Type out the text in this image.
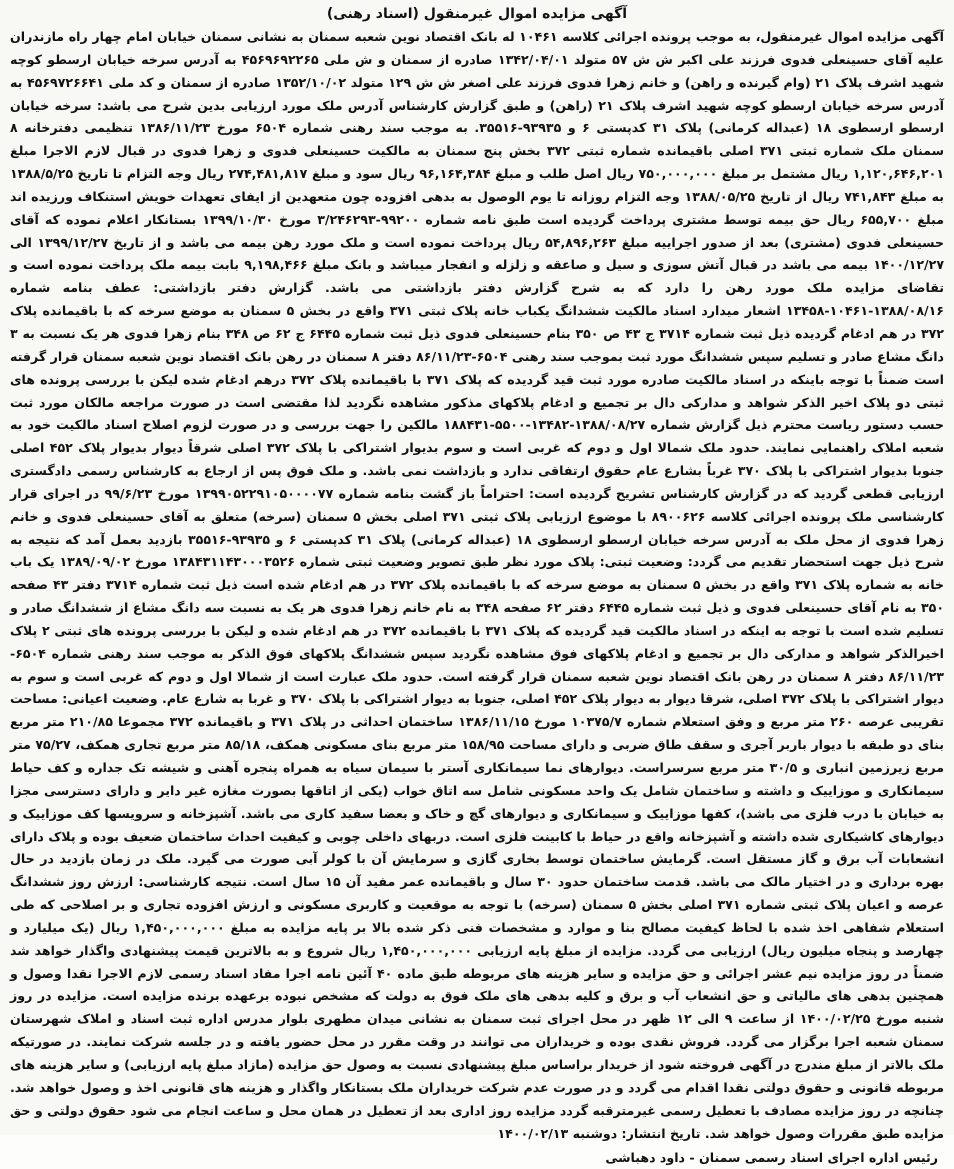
آگهی مزایده اموال غیرمنقول (اسناد رهنی)

آگهی مزایده اموال غیرمنقول، به موجب پرونده اجرائی کلاسه ۱۰۴۶۱ له بانک اقتصاد نوین شعبه سمنان به نشانی سمنان خیابان امام چهار راه مازندران علیه آقای حسینعلی فدوی فرزند علی اکبر ش ش ۵۷ متولد ۱۳۴۲/۰۴/۰۱ صادره از سمنان و ش ملی ۴۵۶۹۶۹۲۲۶۵ به آدرس سرخه خیابان ارسطو کوچه شهید اشرف پلاک ۲۱ (وام گیرنده و راهن) و خانم زهرا فدوی فرزند علی اصغر ش ش ۱۲۹ متولد ۱۳۵۲/۱۰/۰۲ صادره از سمنان و کد ملی ۴۵۶۹۷۲۶۶۴۱ به آدرس سرخه خیابان ارسطو کوچه شهید اشرف پلاک ۲۱ (راهن) و طبق گزارش کارشناس آدرس ملک مورد ارزیابی بدین شرح می باشد: سرخه خیابان ارسطو ارسطوی ۱۸ (عبداله کرمانی) پلاک ۳۱ کدپستی ۶ و ۹۳۹۳۵-۳۵۵۱۶. به موجب سند رهنی شماره ۶۵۰۴ مورخ ۱۳۸۶/۱۱/۲۳ تنظیمی دفترخانه ۸ سمنان ملک شماره ثبتی ۳۷۱ اصلی باقیمانده شماره ثبتی ۳۷۲ بخش پنج سمنان به مالکیت حسینعلی فدوی و زهرا فدوی در قبال لازم الاجرا مبلغ ۱,۱۲۰,۶۴۶,۲۰۱ ریال مشتمل بر مبلغ ۷۵۰,۰۰۰,۰۰۰ ریال اصل طلب و مبلغ ۹۶,۱۶۴,۳۸۴ ریال سود و مبلغ ۲۷۴,۴۸۱,۸۱۷ ریال وجه التزام تا تاریخ ۱۳۸۸/۵/۲۵ به مبلغ ۷۴۱,۸۴۳ ریال از تاریخ ۱۳۸۸/۰۵/۲۵ وجه التزام روزانه تا یوم الوصول به بدهی افزوده چون متعهدین از ایفای تعهدات خویش استنکاف ورزیده اند مبلغ ۶۵۵,۷۰۰ ریال حق بیمه توسط مشتری پرداخت گردیده است طبق نامه شماره ۹۹۲۰۰-۳/۲۴۶۲۹۳ مورخ ۱۳۹۹/۱۰/۳۰ بستانکار اعلام نموده که آقای حسینعلی فدوی (مشتری) بعد از صدور اجراییه مبلغ ۵۴,۸۹۶,۲۶۳ ریال پرداخت نموده است و ملک مورد رهن بیمه می باشد و از تاریخ ۱۳۹۹/۱۲/۲۷ الی ۱۴۰۰/۱۲/۲۷ بیمه می باشد در قبال آتش سوزی و سیل و صاعقه و زلزله و انفجار میباشد و بانک مبلغ ۹,۱۹۸,۴۶۶ بابت بیمه ملک پرداخت نموده است و تقاضای مزایده ملک مورد رهن را دارد که به شرح گزارش دفتر بازداشتی می باشد. گزارش دفتر بازداشتی: عطف بنامه شماره ۱۳۸۸/۰۸/۱۶-۱۰۴۶۱-۱۳۴۵۸ اشعار میدارد اسناد مالکیت ششدانگ یکباب خانه پلاک ثبتی ۳۷۱ واقع در بخش ۵ سمنان به موضع سرخه که با باقیمانده پلاک ۳۷۲ در هم ادغام گردیده ذیل ثبت شماره ۳۷۱۴ ج ۴۳ ص ۳۵۰ بنام حسینعلی فدوی ذیل ثبت شماره ۶۴۴۵ ج ۶۲ ص ۳۴۸ بنام زهرا فدوی هر یک نسبت به ۳ دانگ مشاع صادر و تسلیم سپس ششدانگ مورد ثبت بموجب سند رهنی ۶۵۰۴-۸۶/۱۱/۲۳ دفتر ۸ سمنان در رهن بانک اقتصاد نوین شعبه سمنان قرار گرفته است ضمناً با توجه باینکه در اسناد مالکیت صادره مورد ثبت قید گردیده که پلاک ۳۷۱ با باقیمانده پلاک ۳۷۲ درهم ادغام شده لیکن با بررسی پرونده های ثبتی دو پلاک اخیر الذکر شواهد و مدارکی دال بر تجمیع و ادغام پلاکهای مذکور مشاهده نگردید لذا مقتضی است در صورت مراجعه مالکان مورد ثبت حسب دستور ریاست محترم ذیل گزارش شماره ۱۳۸۸/۰۸/۲۷-۱۳۴۸۲-۵۵۰۰-۱۸۸۴۳۱ مالکین را جهت بررسی و در صورت لزوم اصلاح اسناد مالکیت خود به شعبه املاک راهنمایی نمایند. حدود ملک شمالا اول و دوم که غربی است و سوم بدیوار اشتراکی با پلاک ۳۷۲ اصلی شرقاً دیوار بدیوار پلاک ۴۵۲ اصلی جنوبا بدیوار اشتراکی با پلاک ۳۷۰ غرباً بشارع عام حقوق ارتفاقی ندارد و بازداشت نمی باشد. و ملک فوق پس از ارجاع به کارشناس رسمی دادگستری ارزیابی قطعی گردید که در گزارش کارشناس تشریح گردیده است: احتراماً باز گشت بنامه شماره ۱۳۹۹۰۵۲۲۹۱۰۵۰۰۰۰۷۷ مورخ ۹۹/۶/۲۳ در اجرای قرار کارشناسی ملک پرونده اجرائی کلاسه ۸۹۰۰۶۲۶ با موضوع ارزیابی پلاک ثبتی ۳۷۱ اصلی بخش ۵ سمنان (سرخه) متعلق به آقای حسینعلی فدوی و خانم زهرا فدوی از محل ملک به آدرس سرخه خیابان ارسطو ارسطوی ۱۸ (عبداله کرمانی) پلاک ۳۱ کدپستی ۶ و ۹۳۹۳۵-۳۵۵۱۶ بازدید بعمل آمد که نتیجه به شرح ذیل جهت استحضار تقدیم می گردد: وضعیت ثبتی: پلاک مورد نظر طبق تصویر وضعیت ثبتی شماره ۱۳۸۴۳۱۱۴۳۰۰۰۳۵۲۶ مورخ ۱۳۸۹/۰۹/۰۲ یک باب خانه به شماره پلاک ۳۷۱ واقع در بخش ۵ سمنان به موضع سرخه که با باقیمانده پلاک ۳۷۲ در هم ادغام شده است ذیل ثبت شماره ۳۷۱۴ دفتر ۴۳ صفحه ۳۵۰ به نام آقای حسینعلی فدوی و ذیل ثبت شماره ۶۴۴۵ دفتر ۶۲ صفحه ۳۴۸ به نام خانم زهرا فدوی هر یک به نسبت سه دانگ مشاع از ششدانگ صادر و تسلیم شده است با توجه به اینکه در اسناد مالکیت قید گردیده که پلاک ۳۷۱ با باقیمانده ۳۷۲ در هم ادغام شده و لیکن با بررسی پرونده های ثبتی ۲ پلاک اخیرالذکر شواهد و مدارکی دال بر تجمیع و ادغام پلاکهای فوق مشاهده نگردید سپس ششدانگ پلاکهای فوق الذکر به موجب سند رهنی شماره ۶۵۰۴- ۸۶/۱۱/۲۳ دفتر ۸ سمنان در رهن بانک اقتصاد نوین شعبه سمنان قرار گرفته است. حدود ملک عبارت است از شمالا اول و دوم که غربی است و سوم به دیوار اشتراکی با پلاک ۳۷۲ اصلی، شرقا دیوار به دیوار پلاک ۴۵۲ اصلی، جنوبا به دیوار اشتراکی با پلاک ۳۷۰ و غربا به شارع عام. وضعیت اعیانی: مساحت تقریبی عرصه ۲۶۰ متر مربع و وفق استعلام شماره ۱۰۳۷۵/۷ مورخ ۱۳۸۶/۱۱/۱۵ ساختمان احداثی در پلاک ۳۷۱ و باقیمانده ۳۷۲ مجموعا ۲۱۰/۸۵ متر مربع بنای دو طبقه با دیوار باربر آجری و سقف طاق ضربی و دارای مساحت ۱۵۸/۹۵ متر مربع بنای مسکونی همکف، ۸۵/۱۸ متر مربع تجاری همکف، ۷۵/۲۷ متر مربع زیرزمین انباری و ۳۰/۵ متر مربع سرسراست. دیوارهای نما سیمانکاری آستر با سیمان سیاه به همراه پنجره آهنی و شیشه تک جداره و کف حیاط سیمانکاری و موزاییک و داشته و ساختمان شامل یک واحد مسکونی شامل سه اتاق خواب (یکی از اتاقها بصورت مغازه غیر دایر و دارای دسترسی مجزا به خیابان با درب فلزی می باشد)، کفها موزاییک و سیمانکاری و دیوارهای گچ و خاک و بعضا سفید کاری می باشد. آشپزخانه و سرویسها کف موزاییک و دیوارهای کاشیکاری شده داشته و آشپزخانه واقع در حیاط با کابینت فلزی است. دربهای داخلی چوبی و کیفیت احداث ساختمان ضعیف بوده و پلاک دارای انشعابات آب برق و گاز مستقل است. گرمایش ساختمان توسط بخاری گازی و سرمایش آن با کولر آبی صورت می گیرد. ملک در زمان بازدید در حال بهره برداری و در اختیار مالک می باشد. قدمت ساختمان حدود ۳۰ سال و باقیمانده عمر مفید آن ۱۵ سال است. نتیجه کارشناسی: ارزش روز ششدانگ عرصه و اعیان پلاک ثبتی شماره ۳۷۱ اصلی بخش ۵ سمنان (سرخه) با توجه به موقعیت و کاربری مسکونی و ارزش افزوده تجاری و بر اصلاحی که طی استعلام شفاهی اخذ شده با لحاظ کیفیت مصالح بنا و موارد و مشخصات فنی ذکر شده بالا بر پایه مزایده به مبلغ ۱,۴۵۰,۰۰۰,۰۰۰ ریال (یک میلیارد و چهارصد و پنجاه میلیون ریال) ارزیابی می گردد. مزایده از مبلغ پایه ارزیابی ۱,۴۵۰,۰۰۰,۰۰۰ ریال شروع و به بالاترین قیمت پیشنهادی واگذار خواهد شد ضمناً در روز مزایده نیم عشر اجرائی و حق مزایده و سایر هزینه های مربوطه طبق ماده ۴۰ آئین نامه اجرا مفاد اسناد رسمی لازم الاجرا نقدا وصول و همچنین بدهی های مالیاتی و حق انشعاب آب و برق و کلیه بدهی های ملک فوق به دولت که مشخص نبوده برعهده برنده مزایده است. مزایده در روز شنبه مورخ ۱۴۰۰/۰۲/۲۵ از ساعت ۹ الی ۱۲ ظهر در محل اجرای ثبت سمنان به نشانی میدان مطهری بلوار مدرس اداره ثبت اسناد و املاک شهرستان سمنان شعبه اجرا برگزار می گردد. فروش نقدی بوده و خریداران می توانند در وقت مقرر در محل حضور یافته و در جلسه شرکت نمایند. در صورتیکه ملک بالاتر از مبلغ مندرج در آگهی فروخته شود از خریدار براساس مبلغ پیشنهادی نسبت به وصول حق مزایده (مازاد مبلغ پایه ارزیابی) و سایر هزینه های مربوطه قانونی و حقوق دولتی نقدا اقدام می گردد و در صورت عدم شرکت خریداران ملک بستانکار واگذار و هزینه های قانونی اخذ و وصول خواهد شد. چنانچه در روز مزایده مصادف با تعطیل رسمی غیرمترقبه گردد مزایده روز اداری بعد از تعطیل در همان محل و ساعت انجام می شود حقوق دولتی و حق مزایده طبق مقررات وصول خواهد شد. تاریخ انتشار: دوشنبه ۱۴۰۰/۰۲/۱۳

رئیس اداره اجرای اسناد رسمی سمنان - داود دهباشی
